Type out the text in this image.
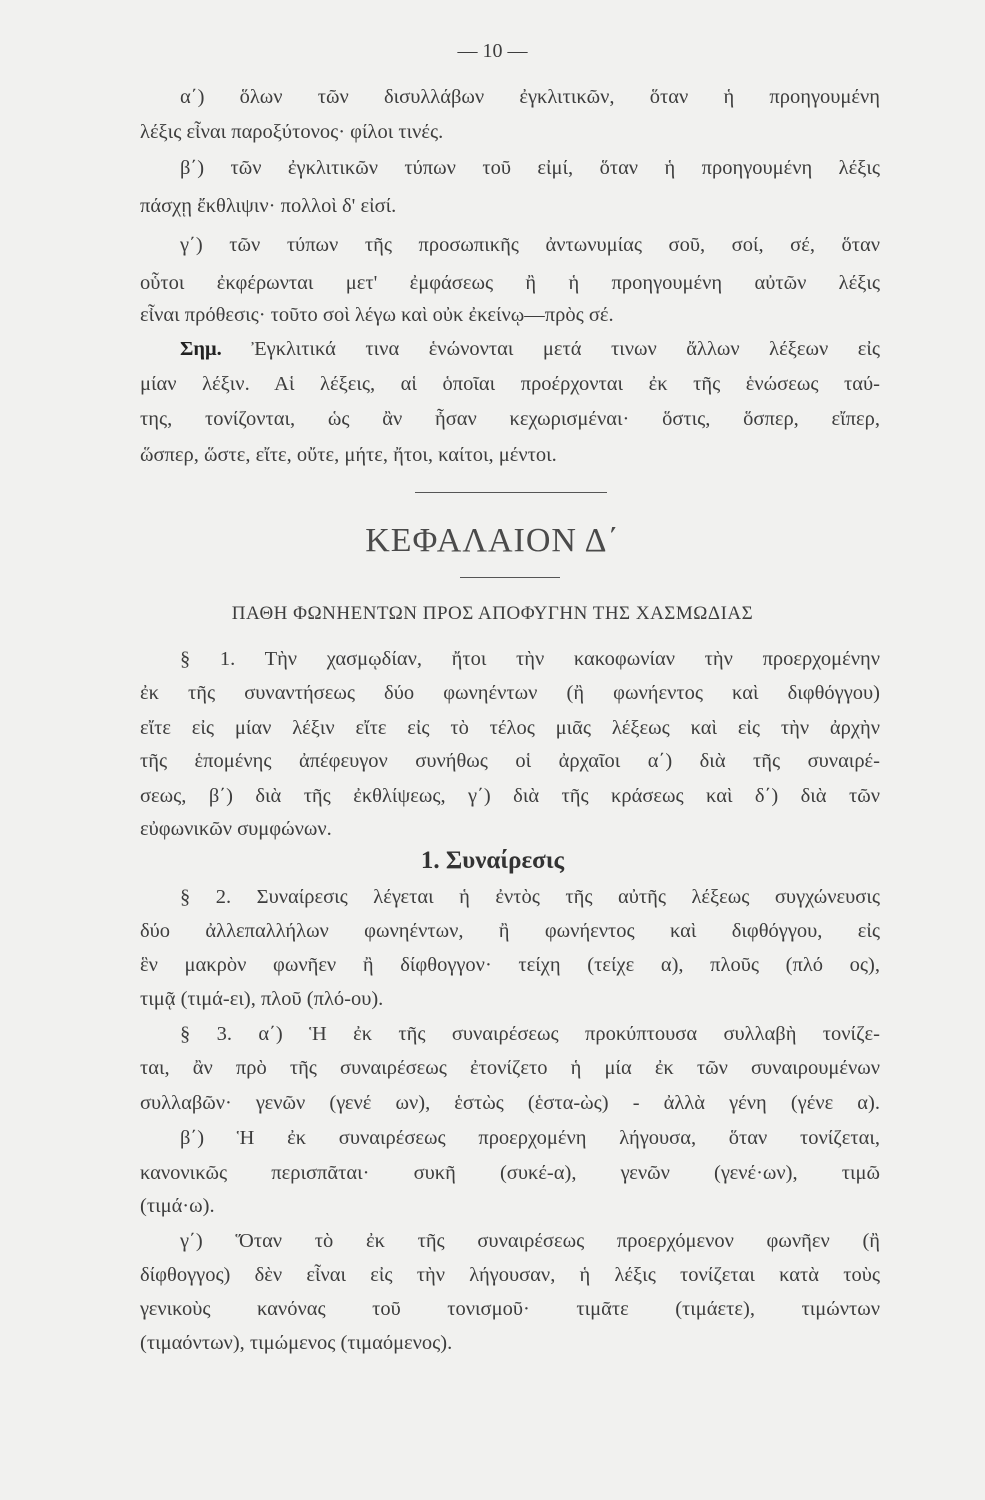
— 10 —
α΄) ὅλων τῶν δισυλλάβων ἐγκλιτικῶν, ὅταν ἡ προηγουμένη
λέξις εἶναι παροξύτονος· φίλοι τινές.
β΄) τῶν ἐγκλιτικῶν τύπων τοῦ εἰμί, ὅταν ἡ προηγουμένη λέξις
πάσχῃ ἔκθλιψιν· πολλοὶ δ' εἰσί.
γ΄) τῶν τύπων τῆς προσωπικῆς ἀντωνυμίας σοῦ, σοί, σέ, ὅταν
οὗτοι ἐκφέρωνται μετ' ἐμφάσεως ἢ ἡ προηγουμένη αὐτῶν λέξις
εἶναι πρόθεσις· τοῦτο σοὶ λέγω καὶ οὐκ ἐκείνῳ—πρὸς σέ.
Σημ. Ἐγκλιτικά τινα ἑνώνονται μετά τινων ἄλλων λέξεων εἰς
μίαν λέξιν. Αἱ λέξεις, αἱ ὁποῖαι προέρχονται ἐκ τῆς ἑνώσεως ταύ-
της, τονίζονται, ὡς ἂν ἦσαν κεχωρισμέναι· ὅστις, ὅσπερ, εἴπερ,
ὥσπερ, ὥστε, εἴτε, οὔτε, μήτε, ἤτοι, καίτοι, μέντοι.
ΚΕΦΑΛΑΙΟΝ Δ΄
ΠΑΘΗ ΦΩΝΗΕΝΤΩΝ ΠΡΟΣ ΑΠΟΦΥΓΗΝ ΤΗΣ ΧΑΣΜΩΔΙΑΣ
§ 1. Τὴν χασμῳδίαν, ἤτοι τὴν κακοφωνίαν τὴν προερχομένην
ἐκ τῆς συναντήσεως δύο φωνηέντων (ἢ φωνήεντος καὶ διφθόγγου)
εἴτε εἰς μίαν λέξιν εἴτε εἰς τὸ τέλος μιᾶς λέξεως καὶ εἰς τὴν ἀρχὴν
τῆς ἑπομένης ἀπέφευγον συνήθως οἱ ἀρχαῖοι α΄) διὰ τῆς συναιρέ-
σεως, β΄) διὰ τῆς ἐκθλίψεως, γ΄) διὰ τῆς κράσεως καὶ δ΄) διὰ τῶν
εὐφωνικῶν συμφώνων.
1. Συναίρεσις
§ 2. Συναίρεσις λέγεται ἡ ἐντὸς τῆς αὐτῆς λέξεως συγχώνευσις
δύο ἀλλεπαλλήλων φωνηέντων, ἢ φωνήεντος καὶ διφθόγγου, εἰς
ἓν μακρὸν φωνῆεν ἢ δίφθογγον· τείχη (τείχε α), πλοῦς (πλό ος),
τιμᾷ (τιμά-ει), πλοῦ (πλό-ου).
§ 3. α΄) Ἡ ἐκ τῆς συναιρέσεως προκύπτουσα συλλαβὴ τονίζε-
ται, ἂν πρὸ τῆς συναιρέσεως ἐτονίζετο ἡ μία ἐκ τῶν συναιρουμένων
συλλαβῶν· γενῶν (γενέ ων), ἑστὼς (ἑστα-ὼς) - ἀλλὰ γένη (γένε α).
β΄) Ἡ ἐκ συναιρέσεως προερχομένη λήγουσα, ὅταν τονίζεται,
κανονικῶς περισπᾶται· συκῆ (συκέ-α), γενῶν (γενέ·ων), τιμῶ
(τιμά·ω).
γ΄) Ὅταν τὸ ἐκ τῆς συναιρέσεως προερχόμενον φωνῆεν (ἢ
δίφθογγος) δὲν εἶναι εἰς τὴν λήγουσαν, ἡ λέξις τονίζεται κατὰ τοὺς
γενικοὺς κανόνας τοῦ τονισμοῦ· τιμᾶτε (τιμάετε), τιμώντων
(τιμαόντων), τιμώμενος (τιμαόμενος).
